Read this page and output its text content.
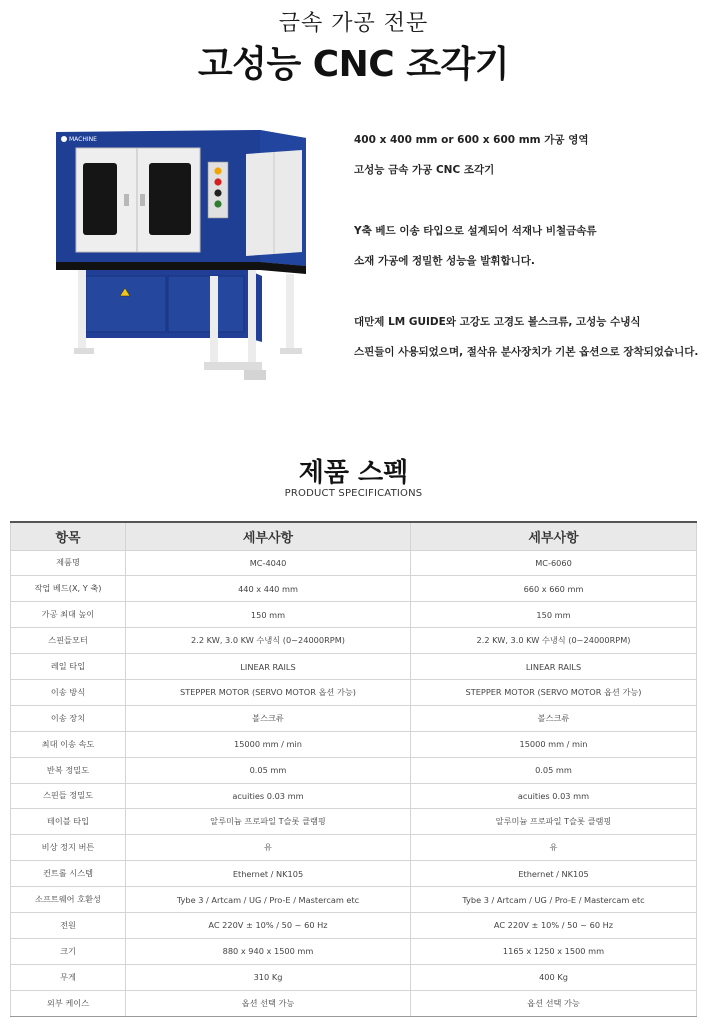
금속 가공 전문
고성능 CNC 조각기
MACHINE	400 x 400 mm or 600 x 600 mm 가공 영역
고성능 금속 가공 CNC 조각기
Y축 베드 이송 타입으로 설계되어 석재나 비철금속류
소재 가공에 정밀한 성능을 발휘합니다.
대만제 LM GUIDE와 고강도 고경도 볼스크류, 고성능 수냉식
스핀들이 사용되었으며, 절삭유 분사장치가 기본 옵션으로 장착되었습니다.
제품 스펙
PRODUCT SPECIFICATIONS
항목	세부사항	세부사항
제품명	MC-4040	MC-6060
작업 베드(X, Y 축)	440 x 440 mm	660 x 660 mm
가공 최대 높이	150 mm	150 mm
스핀들모터	2.2 KW, 3.0 KW 수냉식 (0~24000RPM)	2.2 KW, 3.0 KW 수냉식 (0~24000RPM)
레일 타입	LINEAR RAILS	LINEAR RAILS
이송 방식	STEPPER MOTOR (SERVO MOTOR 옵션 가능)	STEPPER MOTOR (SERVO MOTOR 옵션 가능)
이송 장치	볼스크류	볼스크류
최대 이송 속도	15000 mm / min	15000 mm / min
반복 정밀도	0.05 mm	0.05 mm
스핀들 정밀도	acuities 0.03 mm	acuities 0.03 mm
테이블 타입	알루미늄 프로파일 T슬롯 클램핑	알루미늄 프로파일 T슬롯 클램핑
비상 정지 버튼	유	유
컨트롤 시스템	Ethernet / NK105	Ethernet / NK105
소프트웨어 호환성	Tybe 3 / Artcam / UG / Pro-E / Mastercam etc	Tybe 3 / Artcam / UG / Pro-E / Mastercam etc
전원	AC 220V ± 10% / 50 ~ 60 Hz	AC 220V ± 10% / 50 ~ 60 Hz
크기	880 x 940 x 1500 mm	1165 x 1250 x 1500 mm
무게	310 Kg	400 Kg
외부 케이스	옵션 선택 가능	옵션 선택 가능
